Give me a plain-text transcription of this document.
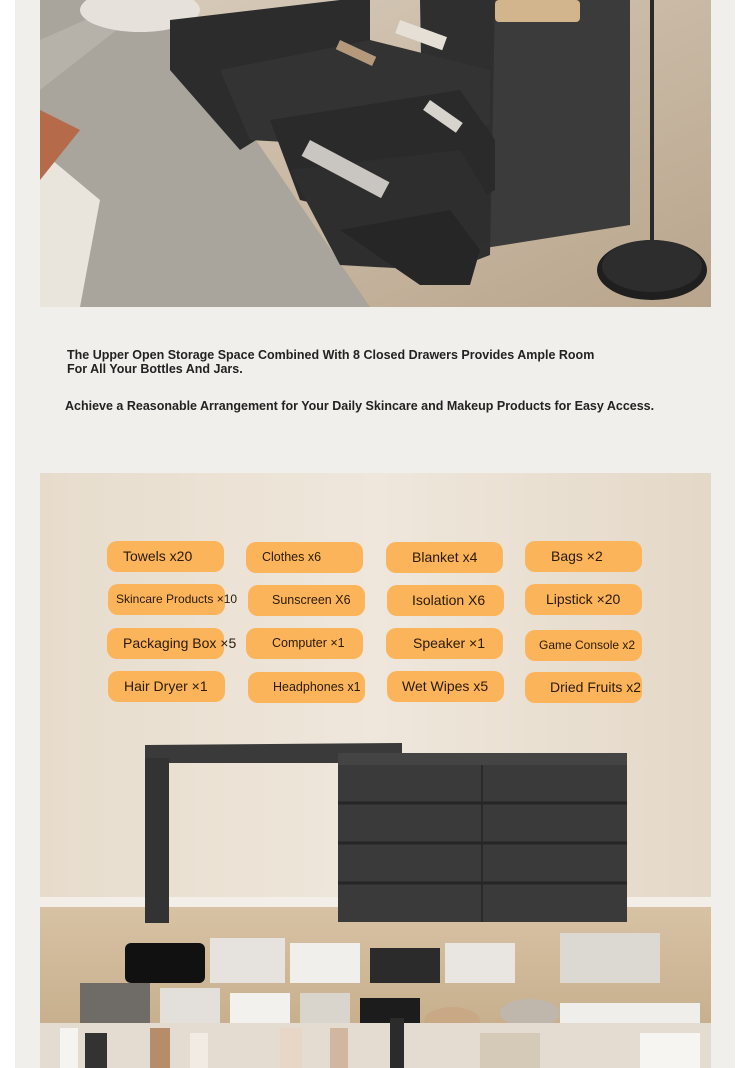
The Upper Open Storage Space Combined With 8 Closed Drawers Provides Ample Room
For All Your Bottles And Jars.
Achieve a Reasonable Arrangement for Your Daily Skincare and Makeup Products for Easy Access.
Towels x20	Clothes x6	Blanket x4	Bags ×2
Skincare Products ×10	Sunscreen X6	Isolation X6	Lipstick ×20
Packaging Box ×5	Computer ×1	Speaker ×1	Game Console x2
Hair Dryer ×1	Headphones x1	Wet Wipes x5	Dried Fruits x2
